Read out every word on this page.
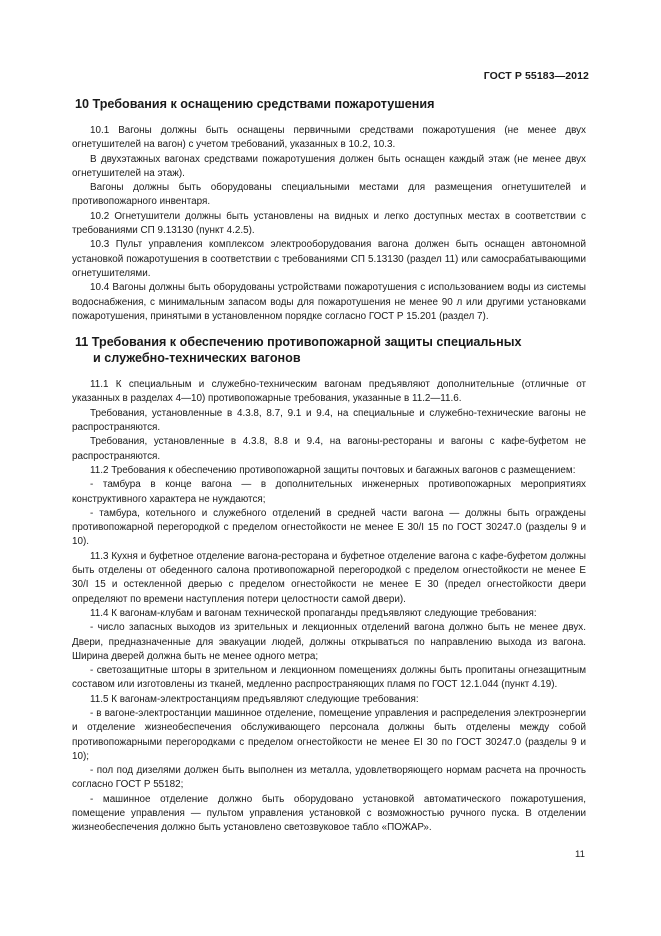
ГОСТ Р 55183—2012
10 Требования к оснащению средствами пожаротушения

10.1 Вагоны должны быть оснащены первичными средствами пожаротушения (не менее двух огнетушителей на вагон) с учетом требований, указанных в 10.2, 10.3.

В двухэтажных вагонах средствами пожаротушения должен быть оснащен каждый этаж (не менее двух огнетушителей на этаж).

Вагоны должны быть оборудованы специальными местами для размещения огнетушителей и противопожарного инвентаря.

10.2 Огнетушители должны быть установлены на видных и легко доступных местах в соответствии с требованиями СП 9.13130 (пункт 4.2.5).

10.3 Пульт управления комплексом электрооборудования вагона должен быть оснащен автономной установкой пожаротушения в соответствии с требованиями СП 5.13130 (раздел 11) или самосрабатывающими огнетушителями.

10.4 Вагоны должны быть оборудованы устройствами пожаротушения с использованием воды из системы водоснабжения, с минимальным запасом воды для пожаротушения не менее 90 л или другими установками пожаротушения, принятыми в установленном порядке согласно ГОСТ Р 15.201 (раздел 7).

11 Требования к обеспечению противопожарной защиты специальных
и служебно-технических вагонов

11.1 К специальным и служебно-техническим вагонам предъявляют дополнительные (отличные от указанных в разделах 4—10) противопожарные требования, указанные в 11.2—11.6.

Требования, установленные в 4.3.8, 8.7, 9.1 и 9.4, на специальные и служебно-технические вагоны не распространяются.

Требования, установленные в 4.3.8, 8.8 и 9.4, на вагоны-рестораны и вагоны с кафе-буфетом не распространяются.

11.2 Требования к обеспечению противопожарной защиты почтовых и багажных вагонов с размещением:

- тамбура в конце вагона — в дополнительных инженерных противопожарных мероприятиях конструктивного характера не нуждаются;

- тамбура, котельного и служебного отделений в средней части вагона — должны быть ограждены противопожарной перегородкой с пределом огнестойкости не менее Е 30/I 15 по ГОСТ 30247.0 (разделы 9 и 10).

11.3 Кухня и буфетное отделение вагона-ресторана и буфетное отделение вагона с кафе-буфетом должны быть отделены от обеденного салона противопожарной перегородкой с пределом огнестойкости не менее Е 30/I 15 и остекленной дверью с пределом огнестойкости не менее Е 30 (предел огнестойкости двери определяют по времени наступления потери целостности самой двери).

11.4 К вагонам-клубам и вагонам технической пропаганды предъявляют следующие требования:

- число запасных выходов из зрительных и лекционных отделений вагона должно быть не менее двух. Двери, предназначенные для эвакуации людей, должны открываться по направлению выхода из вагона. Ширина дверей должна быть не менее одного метра;

- светозащитные шторы в зрительном и лекционном помещениях должны быть пропитаны огнезащитным составом или изготовлены из тканей, медленно распространяющих пламя по ГОСТ 12.1.044 (пункт 4.19).

11.5 К вагонам-электростанциям предъявляют следующие требования:

- в вагоне-электростанции машинное отделение, помещение управления и распределения электроэнергии и отделение жизнеобеспечения обслуживающего персонала должны быть отделены между собой противопожарными перегородками с пределом огнестойкости не менее EI 30 по ГОСТ 30247.0 (разделы 9 и 10);

- пол под дизелями должен быть выполнен из металла, удовлетворяющего нормам расчета на прочность согласно ГОСТ Р 55182;

- машинное отделение должно быть оборудовано установкой автоматического пожаротушения, помещение управления — пультом управления установкой с возможностью ручного пуска. В отделении жизнеобеспечения должно быть установлено светозвуковое табло «ПОЖАР».

11
